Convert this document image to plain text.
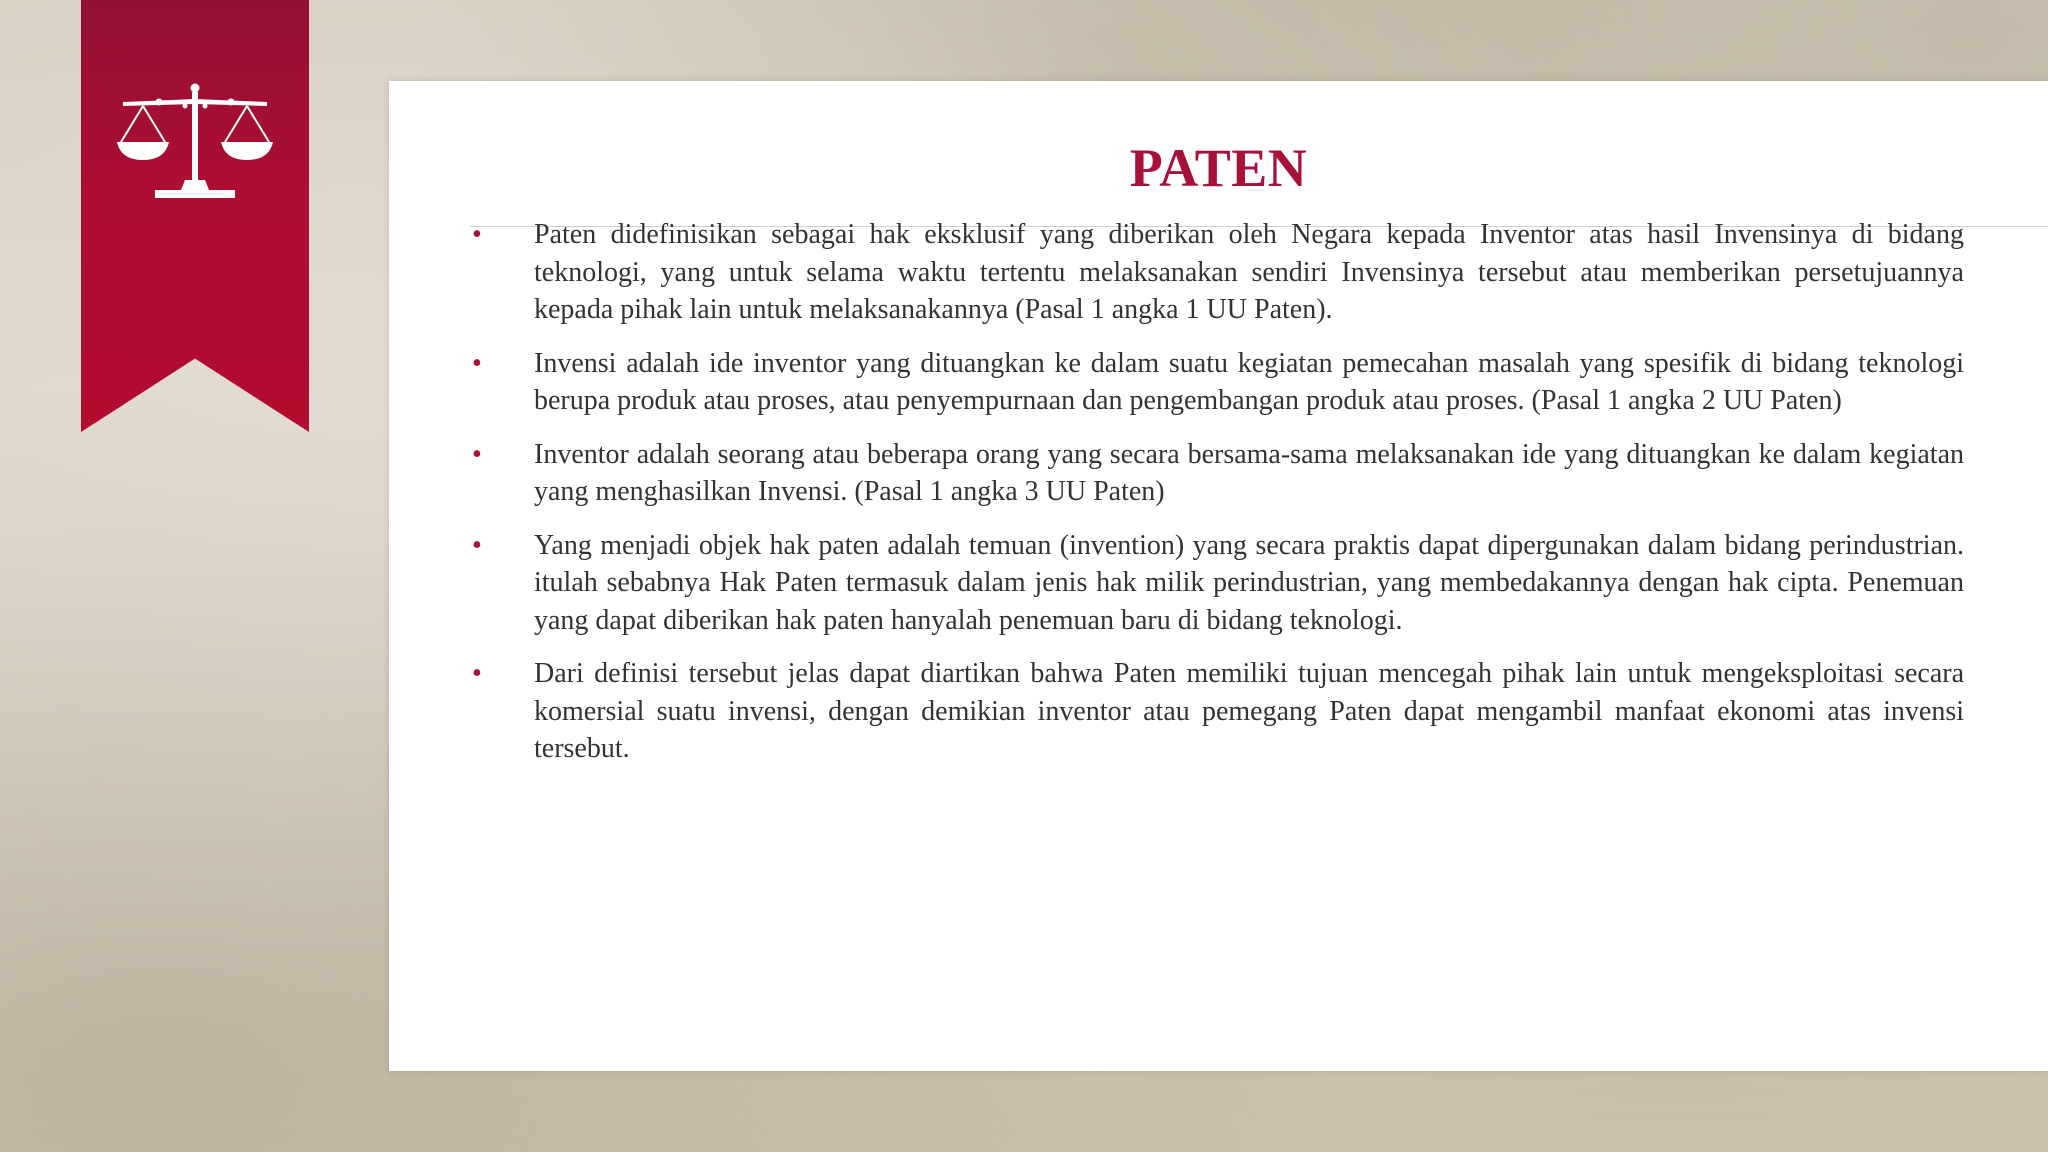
PATEN
• Paten didefinisikan sebagai hak eksklusif yang diberikan oleh Negara kepada Inventor atas hasil Invensinya di bidang teknologi, yang untuk selama waktu tertentu melaksanakan sendiri Invensinya tersebut atau memberikan persetujuannya kepada pihak lain untuk melaksanakannya (Pasal 1 angka 1 UU Paten).
• Invensi adalah ide inventor yang dituangkan ke dalam suatu kegiatan pemecahan masalah yang spesifik di bidang teknologi berupa produk atau proses, atau penyempurnaan dan pengembangan produk atau proses. (Pasal 1 angka 2 UU Paten)
• Inventor adalah seorang atau beberapa orang yang secara bersama-sama melaksanakan ide yang dituangkan ke dalam kegiatan yang menghasilkan Invensi. (Pasal 1 angka 3 UU Paten)
• Yang menjadi objek hak paten adalah temuan (invention) yang secara praktis dapat dipergunakan dalam bidang perindustrian. itulah sebabnya Hak Paten termasuk dalam jenis hak milik perindustrian, yang membedakannya dengan hak cipta. Penemuan yang dapat diberikan hak paten hanyalah penemuan baru di bidang teknologi.
• Dari definisi tersebut jelas dapat diartikan bahwa Paten memiliki tujuan mencegah pihak lain untuk mengeksploitasi secara komersial suatu invensi, dengan demikian inventor atau pemegang Paten dapat mengambil manfaat ekonomi atas invensi tersebut.
